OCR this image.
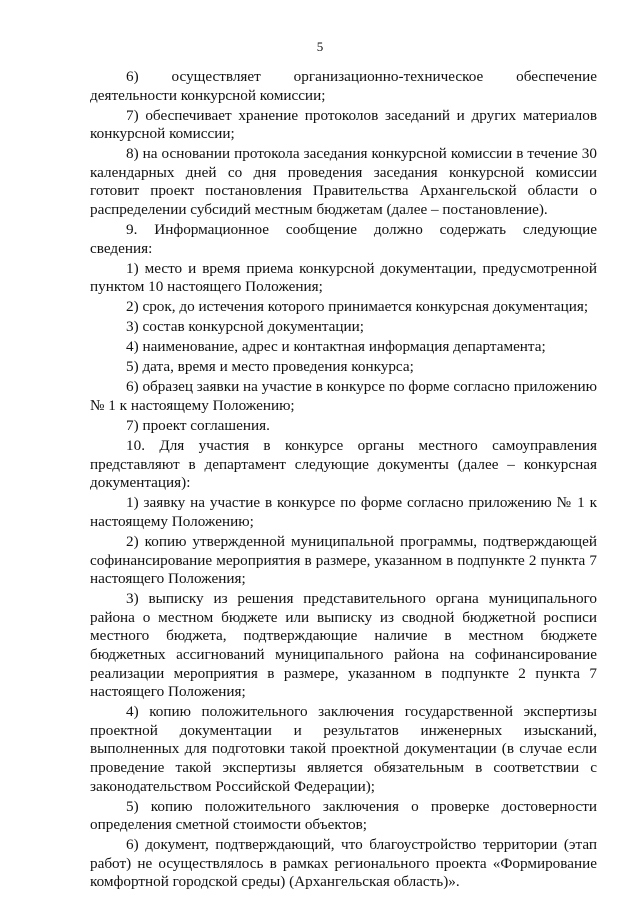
5

6) осуществляет организационно-техническое обеспечение деятельности конкурсной комиссии;

7) обеспечивает хранение протоколов заседаний и других материалов конкурсной комиссии;

8) на основании протокола заседания конкурсной комиссии в течение 30 календарных дней со дня проведения заседания конкурсной комиссии готовит проект постановления Правительства Архангельской области о распределении субсидий местным бюджетам (далее – постановление).

9. Информационное сообщение должно содержать следующие сведения:

1) место и время приема конкурсной документации, предусмотренной пунктом 10 настоящего Положения;

2) срок, до истечения которого принимается конкурсная документация;

3) состав конкурсной документации;

4) наименование, адрес и контактная информация департамента;

5) дата, время и место проведения конкурса;

6) образец заявки на участие в конкурсе по форме согласно приложению № 1 к настоящему Положению;

7) проект соглашения.

10. Для участия в конкурсе органы местного самоуправления представляют в департамент следующие документы (далее – конкурсная документация):

1) заявку на участие в конкурсе по форме согласно приложению № 1 к настоящему Положению;

2) копию утвержденной муниципальной программы, подтверждающей софинансирование мероприятия в размере, указанном в подпункте 2 пункта 7 настоящего Положения;

3) выписку из решения представительного органа муниципального района о местном бюджете или выписку из сводной бюджетной росписи местного бюджета, подтверждающие наличие в местном бюджете бюджетных ассигнований муниципального района на софинансирование реализации мероприятия в размере, указанном в подпункте 2 пункта 7 настоящего Положения;

4) копию положительного заключения государственной экспертизы проектной документации и результатов инженерных изысканий, выполненных для подготовки такой проектной документации (в случае если проведение такой экспертизы является обязательным в соответствии с законодательством Российской Федерации);

5) копию положительного заключения о проверке достоверности определения сметной стоимости объектов;

6) документ, подтверждающий, что благоустройство территории (этап работ) не осуществлялось в рамках регионального проекта «Формирование комфортной городской среды) (Архангельская область)».
